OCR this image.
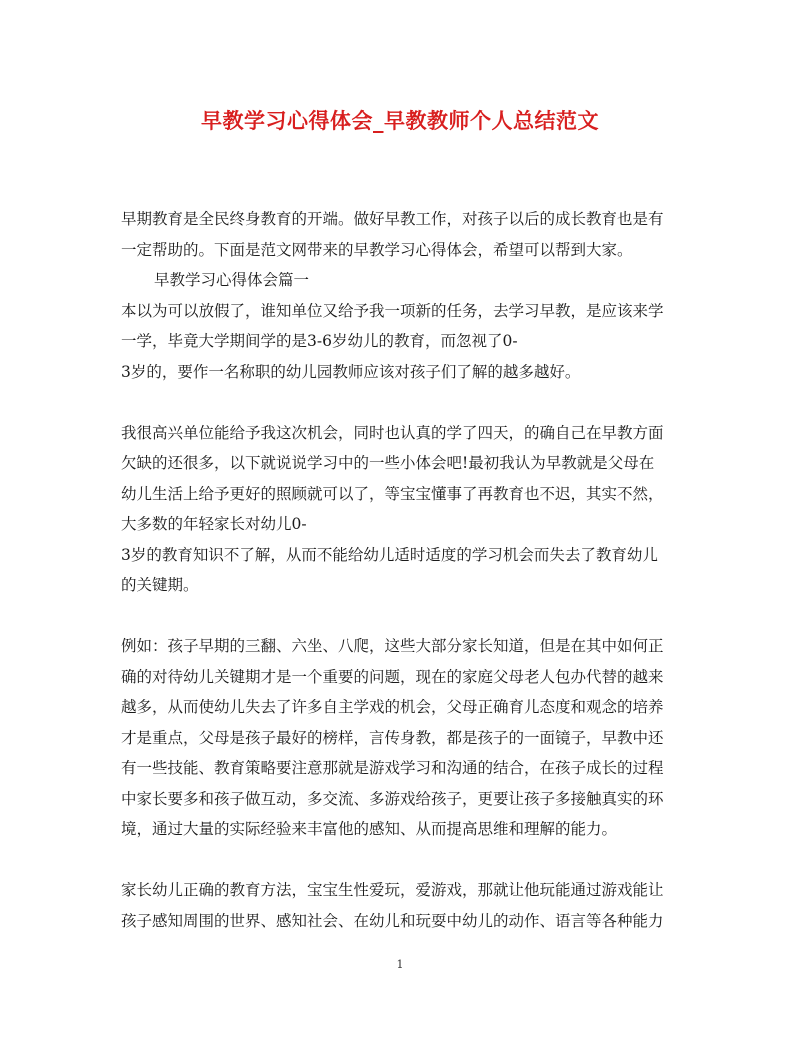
早教学习心得体会_早教教师个人总结范文
早期教育是全民终身教育的开端。做好早教工作，对孩子以后的成长教育也是有
一定帮助的。下面是范文网带来的早教学习心得体会，希望可以帮到大家。
早教学习心得体会篇一
本以为可以放假了，谁知单位又给予我一项新的任务，去学习早教，是应该来学
一学，毕竟大学期间学的是3-6岁幼儿的教育，而忽视了0-
3岁的，要作一名称职的幼儿园教师应该对孩子们了解的越多越好。
我很高兴单位能给予我这次机会，同时也认真的学了四天，的确自己在早教方面
欠缺的还很多，以下就说说学习中的一些小体会吧!最初我认为早教就是父母在
幼儿生活上给予更好的照顾就可以了，等宝宝懂事了再教育也不迟，其实不然，
大多数的年轻家长对幼儿0-
3岁的教育知识不了解，从而不能给幼儿适时适度的学习机会而失去了教育幼儿
的关键期。
例如：孩子早期的三翻、六坐、八爬，这些大部分家长知道，但是在其中如何正
确的对待幼儿关键期才是一个重要的问题，现在的家庭父母老人包办代替的越来
越多，从而使幼儿失去了许多自主学戏的机会，父母正确育儿态度和观念的培养
才是重点，父母是孩子最好的榜样，言传身教，都是孩子的一面镜子，早教中还
有一些技能、教育策略要注意那就是游戏学习和沟通的结合，在孩子成长的过程
中家长要多和孩子做互动，多交流、多游戏给孩子，更要让孩子多接触真实的环
境，通过大量的实际经验来丰富他的感知、从而提高思维和理解的能力。
家长幼儿正确的教育方法，宝宝生性爱玩，爱游戏，那就让他玩能通过游戏能让
孩子感知周围的世界、感知社会、在幼儿和玩耍中幼儿的动作、语言等各种能力
1
